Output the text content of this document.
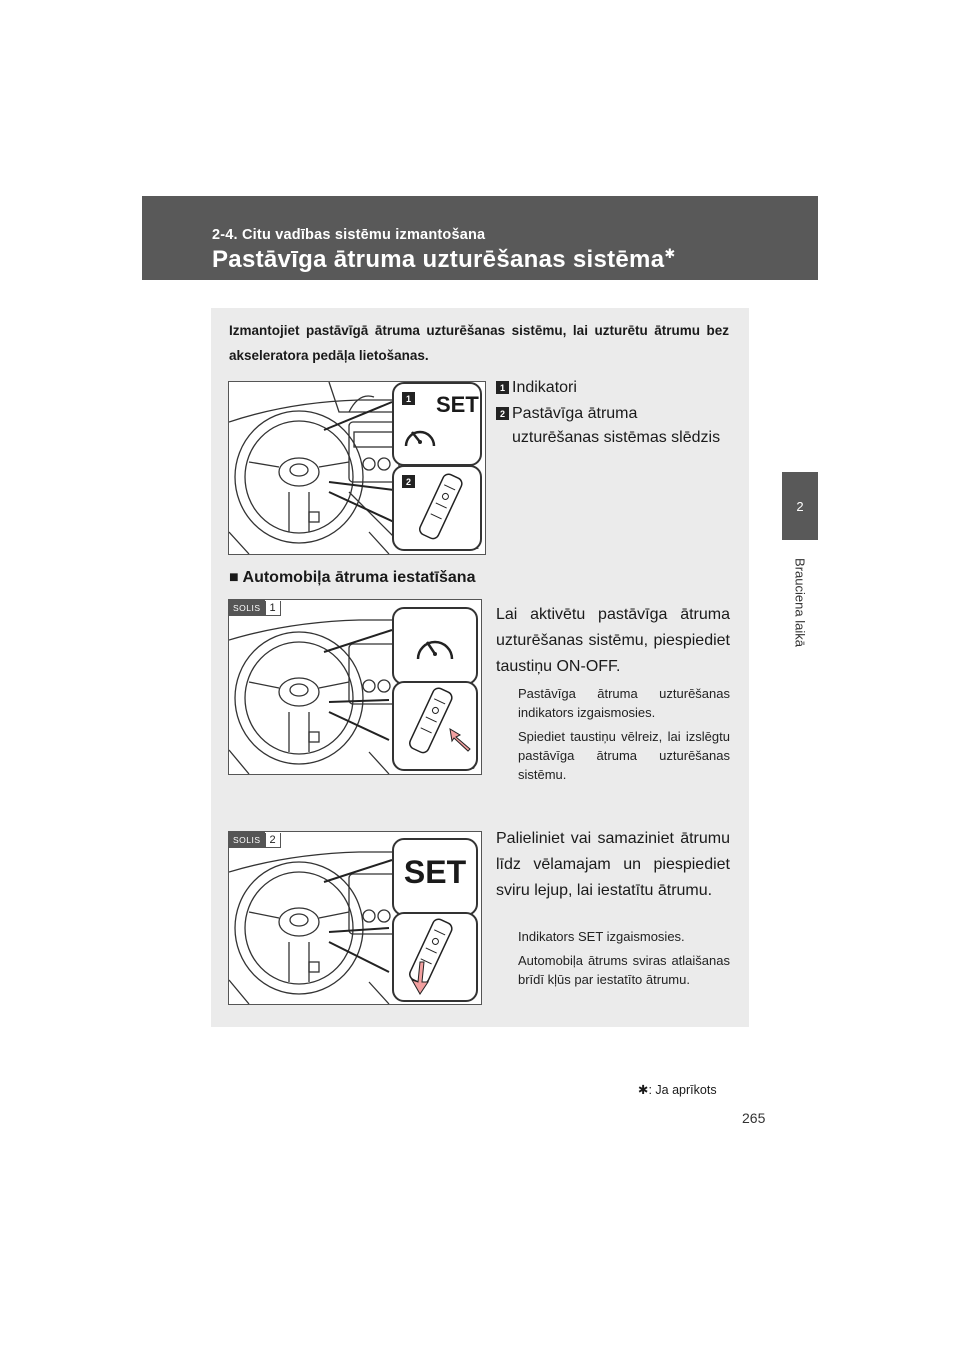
2-4. Citu vadības sistēmu izmantošana
Pastāvīga ātruma uzturēšanas sistēma✱
2
Brauciena laikā
Izmantojiet pastāvīgā ātruma uzturēšanas sistēmu, lai uzturētu ātrumu bez akseleratora pedāļa lietošanas.
1 SET
2
1 Indikatori
2 Pastāvīga ātruma uzturēšanas sistēmas slēdzis
■ Automobiļa ātruma iestatīšana
SOLIS 1	Lai aktivētu pastāvīga ātruma uzturēšanas sistēmu, piespiediet taustiņu ON-OFF.
Pastāvīga ātruma uzturēšanas indikators izgaismosies.
Spiediet taustiņu vēlreiz, lai izslēgtu pastāvīga ātruma uzturēšanas sistēmu.
SOLIS 2
SET
Palieliniet vai samaziniet ātrumu līdz vēlamajam un piespiediet sviru lejup, lai iestatītu ātrumu.
Indikators SET izgaismosies.
Automobiļa ātrums sviras atlaišanas brīdī kļūs par iestatīto ātrumu.
✱ : Ja aprīkots
265
